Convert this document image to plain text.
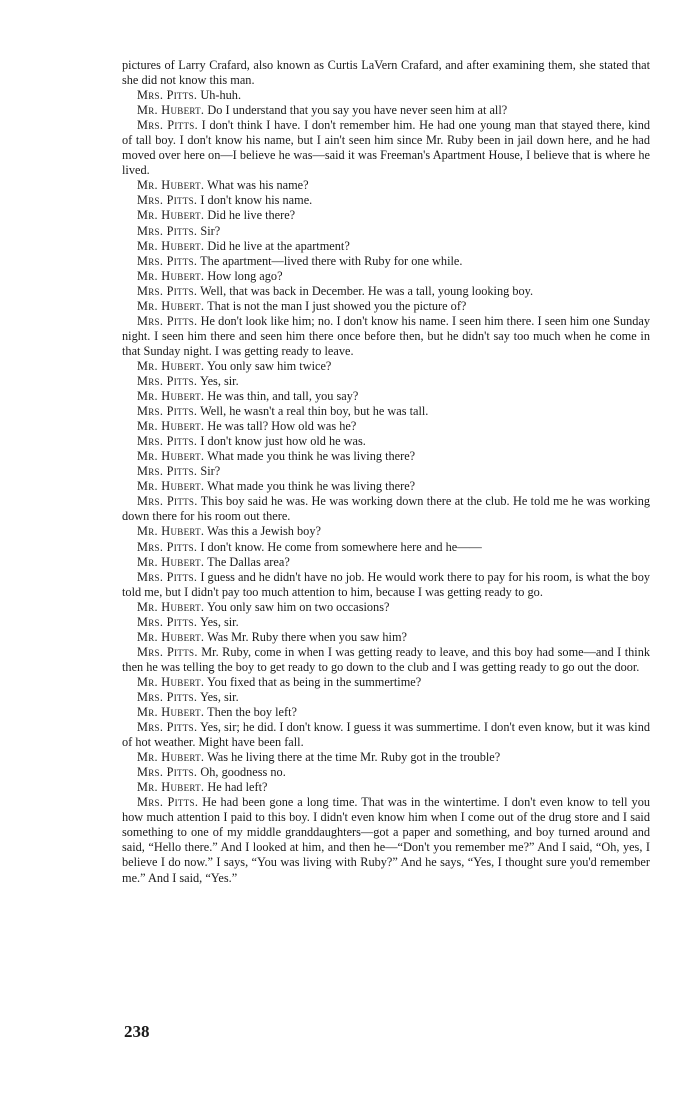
pictures of Larry Crafard, also known as Curtis LaVern Crafard, and after examining them, she stated that she did not know this man.

Mrs. Pitts. Uh-huh.

Mr. Hubert. Do I understand that you say you have never seen him at all?

Mrs. Pitts. I don't think I have. I don't remember him. He had one young man that stayed there, kind of tall boy. I don't know his name, but I ain't seen him since Mr. Ruby been in jail down here, and he had moved over here on—I believe he was—said it was Freeman's Apartment House, I believe that is where he lived.

Mr. Hubert. What was his name?

Mrs. Pitts. I don't know his name.

Mr. Hubert. Did he live there?

Mrs. Pitts. Sir?

Mr. Hubert. Did he live at the apartment?

Mrs. Pitts. The apartment—lived there with Ruby for one while.

Mr. Hubert. How long ago?

Mrs. Pitts. Well, that was back in December. He was a tall, young looking boy.

Mr. Hubert. That is not the man I just showed you the picture of?

Mrs. Pitts. He don't look like him; no. I don't know his name. I seen him there. I seen him one Sunday night. I seen him there and seen him there once before then, but he didn't say too much when he come in that Sunday night. I was getting ready to leave.

Mr. Hubert. You only saw him twice?

Mrs. Pitts. Yes, sir.

Mr. Hubert. He was thin, and tall, you say?

Mrs. Pitts. Well, he wasn't a real thin boy, but he was tall.

Mr. Hubert. He was tall? How old was he?

Mrs. Pitts. I don't know just how old he was.

Mr. Hubert. What made you think he was living there?

Mrs. Pitts. Sir?

Mr. Hubert. What made you think he was living there?

Mrs. Pitts. This boy said he was. He was working down there at the club. He told me he was working down there for his room out there.

Mr. Hubert. Was this a Jewish boy?

Mrs. Pitts. I don't know. He come from somewhere here and he——

Mr. Hubert. The Dallas area?

Mrs. Pitts. I guess and he didn't have no job. He would work there to pay for his room, is what the boy told me, but I didn't pay too much attention to him, because I was getting ready to go.

Mr. Hubert. You only saw him on two occasions?

Mrs. Pitts. Yes, sir.

Mr. Hubert. Was Mr. Ruby there when you saw him?

Mrs. Pitts. Mr. Ruby, come in when I was getting ready to leave, and this boy had some—and I think then he was telling the boy to get ready to go down to the club and I was getting ready to go out the door.

Mr. Hubert. You fixed that as being in the summertime?

Mrs. Pitts. Yes, sir.

Mr. Hubert. Then the boy left?

Mrs. Pitts. Yes, sir; he did. I don't know. I guess it was summertime. I don't even know, but it was kind of hot weather. Might have been fall.

Mr. Hubert. Was he living there at the time Mr. Ruby got in the trouble?

Mrs. Pitts. Oh, goodness no.

Mr. Hubert. He had left?

Mrs. Pitts. He had been gone a long time. That was in the wintertime. I don't even know to tell you how much attention I paid to this boy. I didn't even know him when I come out of the drug store and I said something to one of my middle granddaughters—got a paper and something, and boy turned around and said, “Hello there.” And I looked at him, and then he—“Don't you remember me?” And I said, “Oh, yes, I believe I do now.” I says, “You was living with Ruby?” And he says, “Yes, I thought sure you'd remember me.” And I said, “Yes.”

238
